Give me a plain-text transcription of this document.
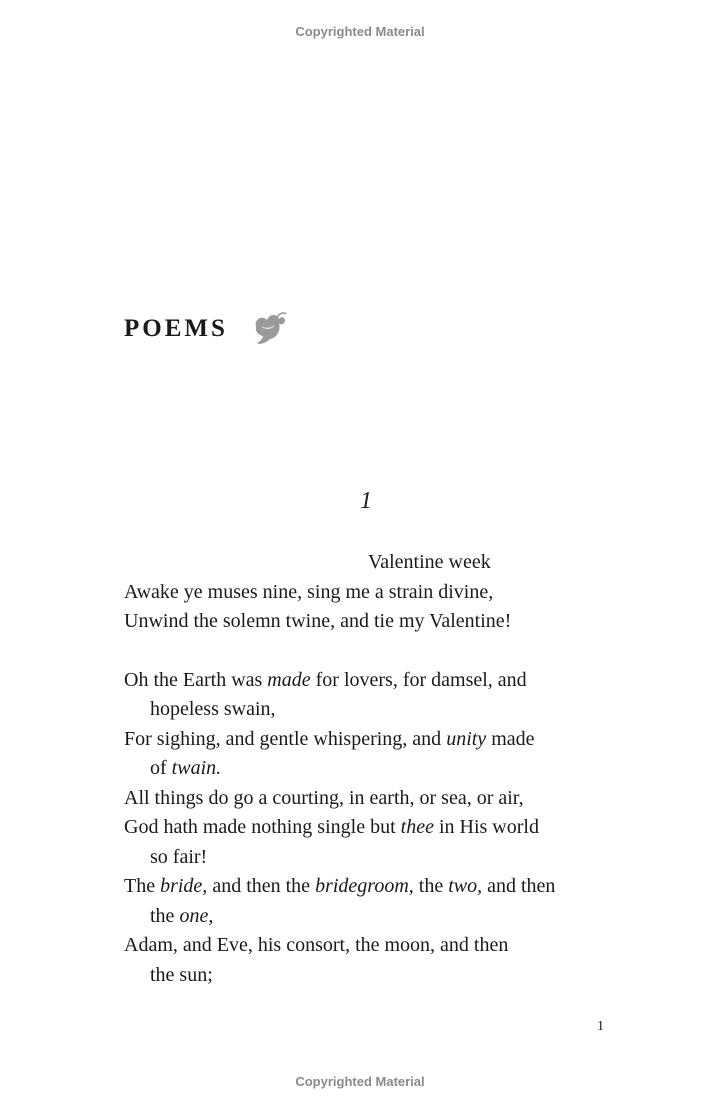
Copyrighted Material
POEMS
1

Valentine week

Awake ye muses nine, sing me a strain divine,

Unwind the solemn twine, and tie my Valentine!

Oh the Earth was made for lovers, for damsel, and

hopeless swain,

For sighing, and gentle whispering, and unity made

of twain.

All things do go a courting, in earth, or sea, or air,

God hath made nothing single but thee in His world

so fair!

The bride, and then the bridegroom, the two, and then

the one,

Adam, and Eve, his consort, the moon, and then

the sun;

1
Copyrighted Material
